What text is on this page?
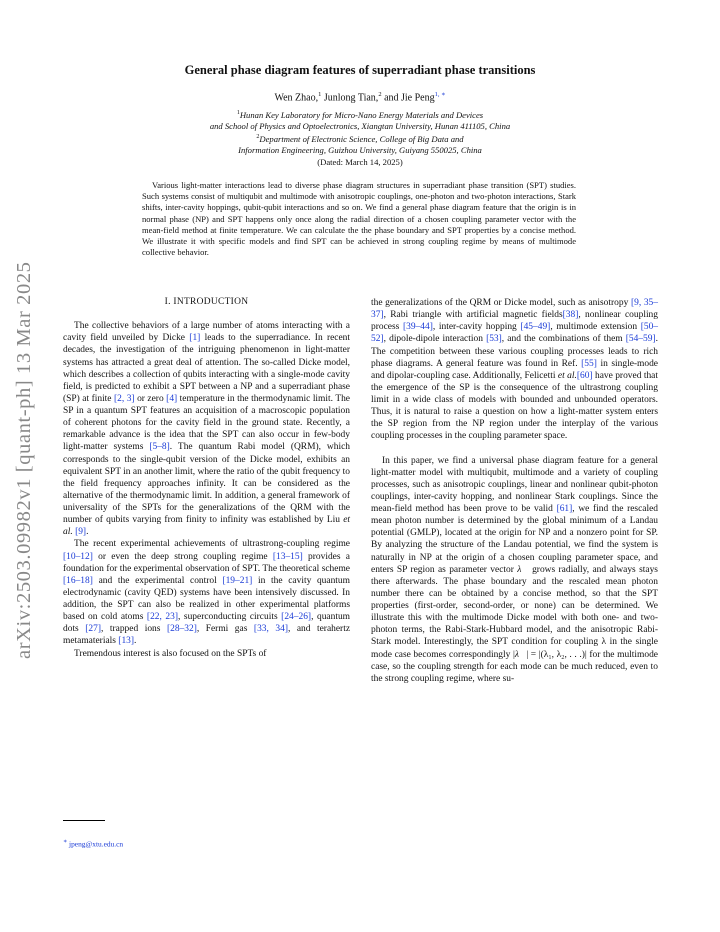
arXiv:2503.09982v1 [quant-ph] 13 Mar 2025
General phase diagram features of superradiant phase transitions
Wen Zhao,$^1$ Junlong Tian,$^2$ and Jie Peng$^{1, ∗}$
$^1$Hunan Key Laboratory for Micro-Nano Energy Materials and Devices
and School of Physics and Optoelectronics, Xiangtan University, Hunan 411105, China
$^2$Department of Electronic Science, College of Big Data and
Information Engineering, Guizhou University, Guiyang 550025, China
(Dated: March 14, 2025)
Various light-matter interactions lead to diverse phase diagram structures in superradiant phase transition (SPT) studies. Such systems consist of multiqubit and multimode with anisotropic couplings, one-photon and two-photon interactions, Stark shifts, inter-cavity hoppings, qubit-qubit interactions and so on. We find a general phase diagram feature that the origin is in normal phase (NP) and SPT happens only once along the radial direction of a chosen coupling parameter vector with the mean-field method at finite temperature. We can calculate the the phase boundary and SPT properties by a concise method. We illustrate it with specific models and find SPT can be achieved in strong coupling regime by means of multimode collective behavior.
I. INTRODUCTION

The collective behaviors of a large number of atoms interacting with a cavity field unveiled by Dicke [1] leads to the superradiance. In recent decades, the investigation of the intriguing phenomenon in light-matter systems has attracted a great deal of attention. The so-called Dicke model, which describes a collection of qubits interacting with a single-mode cavity field, is predicted to exhibit a SPT between a NP and a superradiant phase (SP) at finite [2, 3] or zero [4] temperature in the thermodynamic limit. The SP in a quantum SPT features an acquisition of a macroscopic population of coherent photons for the cavity field in the ground state. Recently, a remarkable advance is the idea that the SPT can also occur in few-body light-matter systems [5–8]. The quantum Rabi model (QRM), which corresponds to the single-qubit version of the Dicke model, exhibits an equivalent SPT in an another limit, where the ratio of the qubit frequency to the field frequency approaches infinity. It can be considered as the alternative of the thermodynamic limit. In addition, a general framework of universality of the SPTs for the generalizations of the QRM with the number of qubits varying from finity to infinity was established by Liu et al. [9].

The recent experimental achievements of ultrastrong-coupling regime [10–12] or even the deep strong coupling regime [13–15] provides a foundation for the experimental observation of SPT. The theoretical scheme [16–18] and the experimental control [19–21] in the cavity quantum electrodynamic (cavity QED) systems have been intensively discussed. In addition, the SPT can also be realized in other experimental platforms based on cold atoms [22, 23], superconducting circuits [24–26], quantum dots [27], trapped ions [28–32], Fermi gas [33, 34], and terahertz metamaterials [13].

Tremendous interest is also focused on the SPTs of

the generalizations of the QRM or Dicke model, such as anisotropy [9, 35–37], Rabi triangle with artificial magnetic fields[38], nonlinear coupling process [39–44], inter-cavity hopping [45–49], multimode extension [50–52], dipole-dipole interaction [53], and the combinations of them [54–59]. The competition between these various coupling processes leads to rich phase diagrams. A general feature was found in Ref. [55] in single-mode and dipolar-coupling case. Additionally, Felicetti et al.[60] have proved that the emergence of the SP is the consequence of the ultrastrong coupling limit in a wide class of models with bounded and unbounded operators. Thus, it is natural to raise a question on how a light-matter system enters the SP region from the NP region under the interplay of the various coupling processes in the coupling parameter space.

In this paper, we find a universal phase diagram feature for a general light-matter model with multiqubit, multimode and a variety of coupling processes, such as anisotropic couplings, linear and nonlinear qubit-photon couplings, inter-cavity hopping, and nonlinear Stark couplings. Since the mean-field method has been prove to be valid [61], we find the rescaled mean photon number is determined by the global minimum of a Landau potential (GMLP), located at the origin for NP and a nonzero point for SP. By analyzing the structure of the Landau potential, we find the system is naturally in NP at the origin of a chosen coupling parameter space, and enters SP region as parameter vector λ⃗ grows radially, and always stays there afterwards. The phase boundary and the rescaled mean photon number there can be obtained by a concise method, so that the SPT properties (first-order, second-order, or none) can be determined. We illustrate this with the multimode Dicke model with both one- and two-photon terms, the Rabi-Stark-Hubbard model, and the anisotropic Rabi-Stark model. Interestingly, the SPT condition for coupling λ in the single mode case becomes correspondingly |λ⃗| = |(λ₁, λ₂, . . .)| for the multimode case, so the coupling strength for each mode can be much reduced, even to the strong coupling regime, where su-

∗ jpeng@xtu.edu.cn
